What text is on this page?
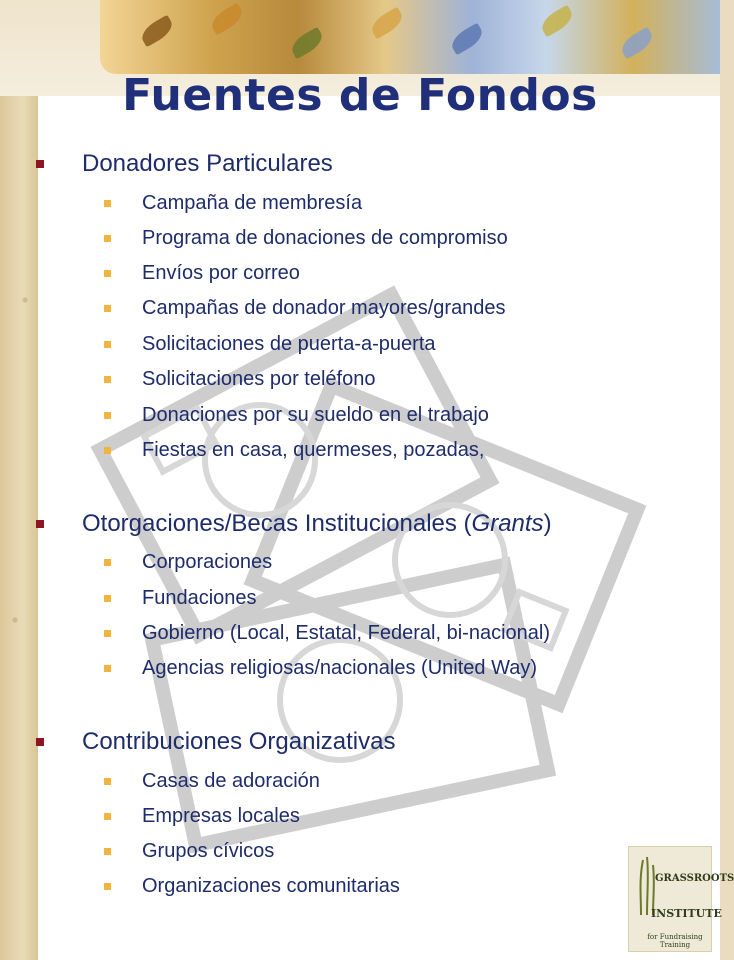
Fuentes de Fondos
Donadores Particulares
Campaña de membresía
Programa de donaciones de compromiso
Envíos por correo
Campañas de donador mayores/grandes
Solicitaciones de puerta-a-puerta
Solicitaciones por teléfono
Donaciones por su sueldo en el trabajo
Fiestas en casa, quermeses, pozadas,
Otorgaciones/Becas Institucionales (Grants)
Corporaciones
Fundaciones
Gobierno (Local, Estatal, Federal, bi-nacional)
Agencias religiosas/nacionales (United Way)
Contribuciones Organizativas
Casas de adoración
Empresas locales
Grupos cívicos
Organizaciones comunitarias	GRASSROOTS
INSTITUTE
for Fundraising Training
